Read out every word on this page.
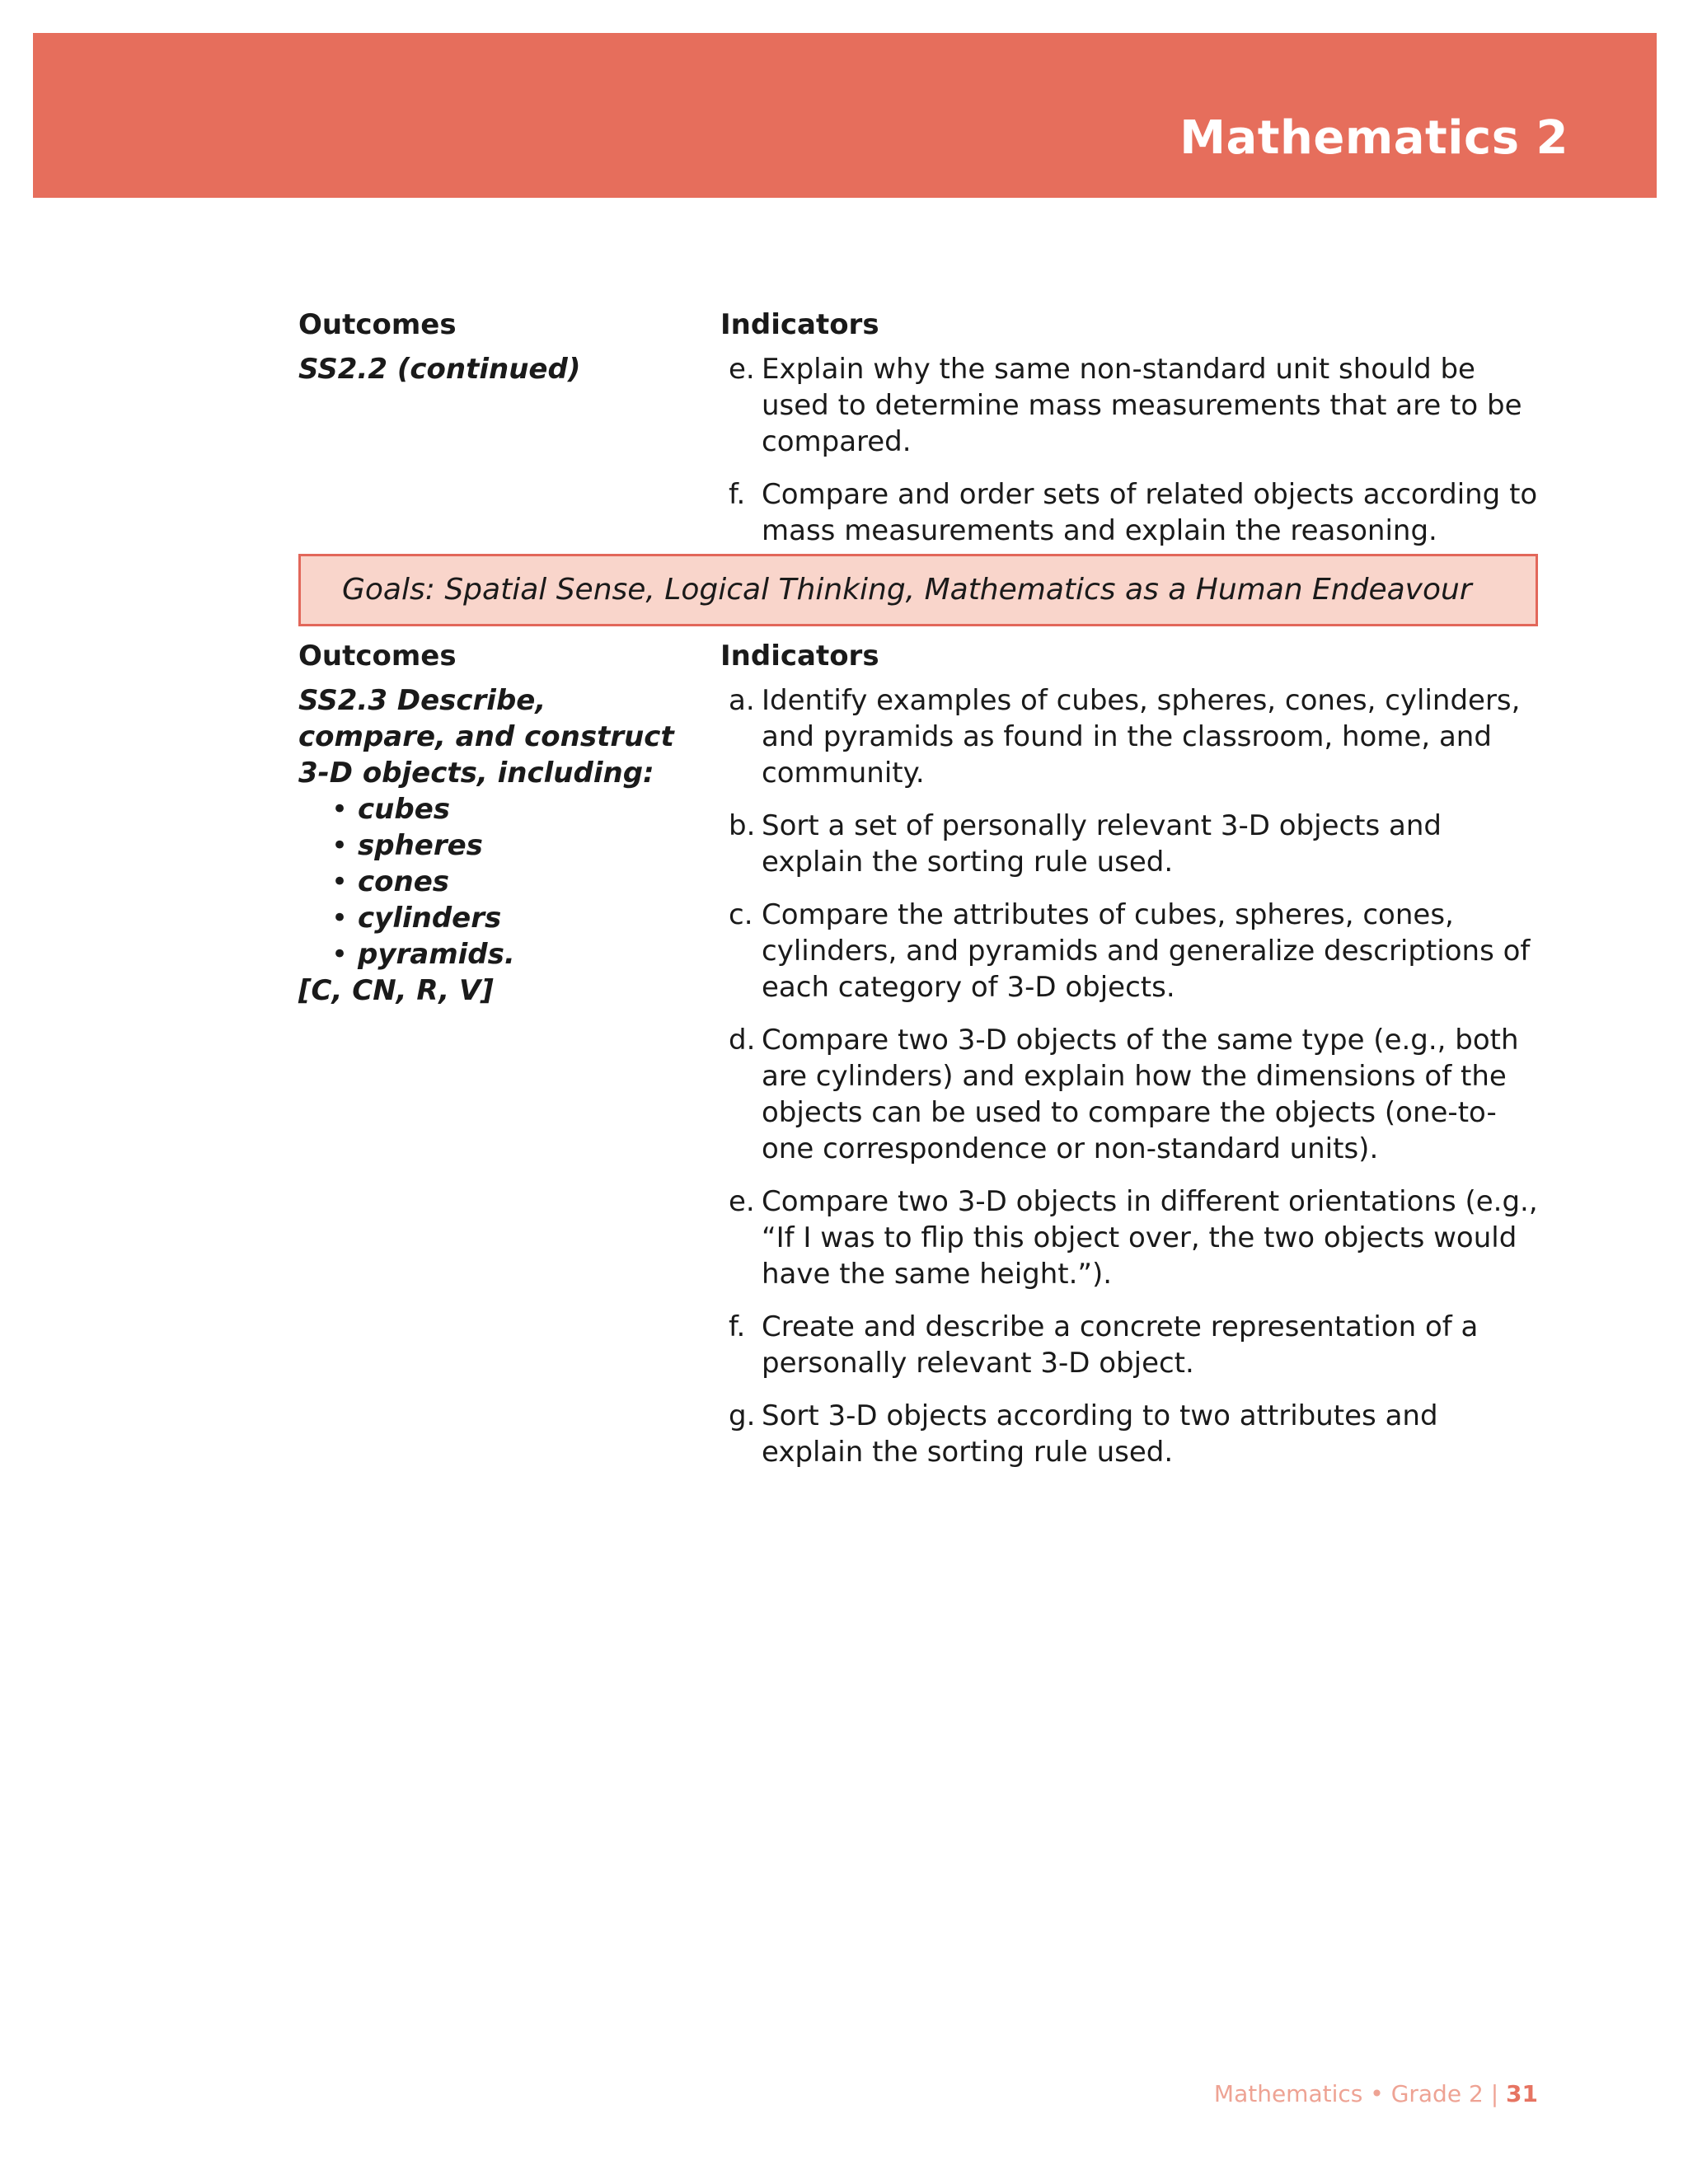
Mathematics 2
Outcomes
SS2.2 (continued)
Indicators
e. Explain why the same non-standard unit should be used to determine mass measurements that are to be compared.
f. Compare and order sets of related objects according to mass measurements and explain the reasoning.
Goals: Spatial Sense, Logical Thinking, Mathematics as a Human Endeavour
Outcomes
SS2.3 Describe, compare, and construct 3-D objects, including:
• cubes
• spheres
• cones
• cylinders
• pyramids.
[C, CN, R, V]
Indicators
a. Identify examples of cubes, spheres, cones, cylinders, and pyramids as found in the classroom, home, and community.
b. Sort a set of personally relevant 3-D objects and explain the sorting rule used.
c. Compare the attributes of cubes, spheres, cones, cylinders, and pyramids and generalize descriptions of each category of 3-D objects.
d. Compare two 3-D objects of the same type (e.g., both are cylinders) and explain how the dimensions of the objects can be used to compare the objects (one-to-one correspondence or non-standard units).
e. Compare two 3-D objects in different orientations (e.g., “If I was to flip this object over, the two objects would have the same height.”).
f. Create and describe a concrete representation of a personally relevant 3-D object.
g. Sort 3-D objects according to two attributes and explain the sorting rule used.
Mathematics • Grade 2 | 31
